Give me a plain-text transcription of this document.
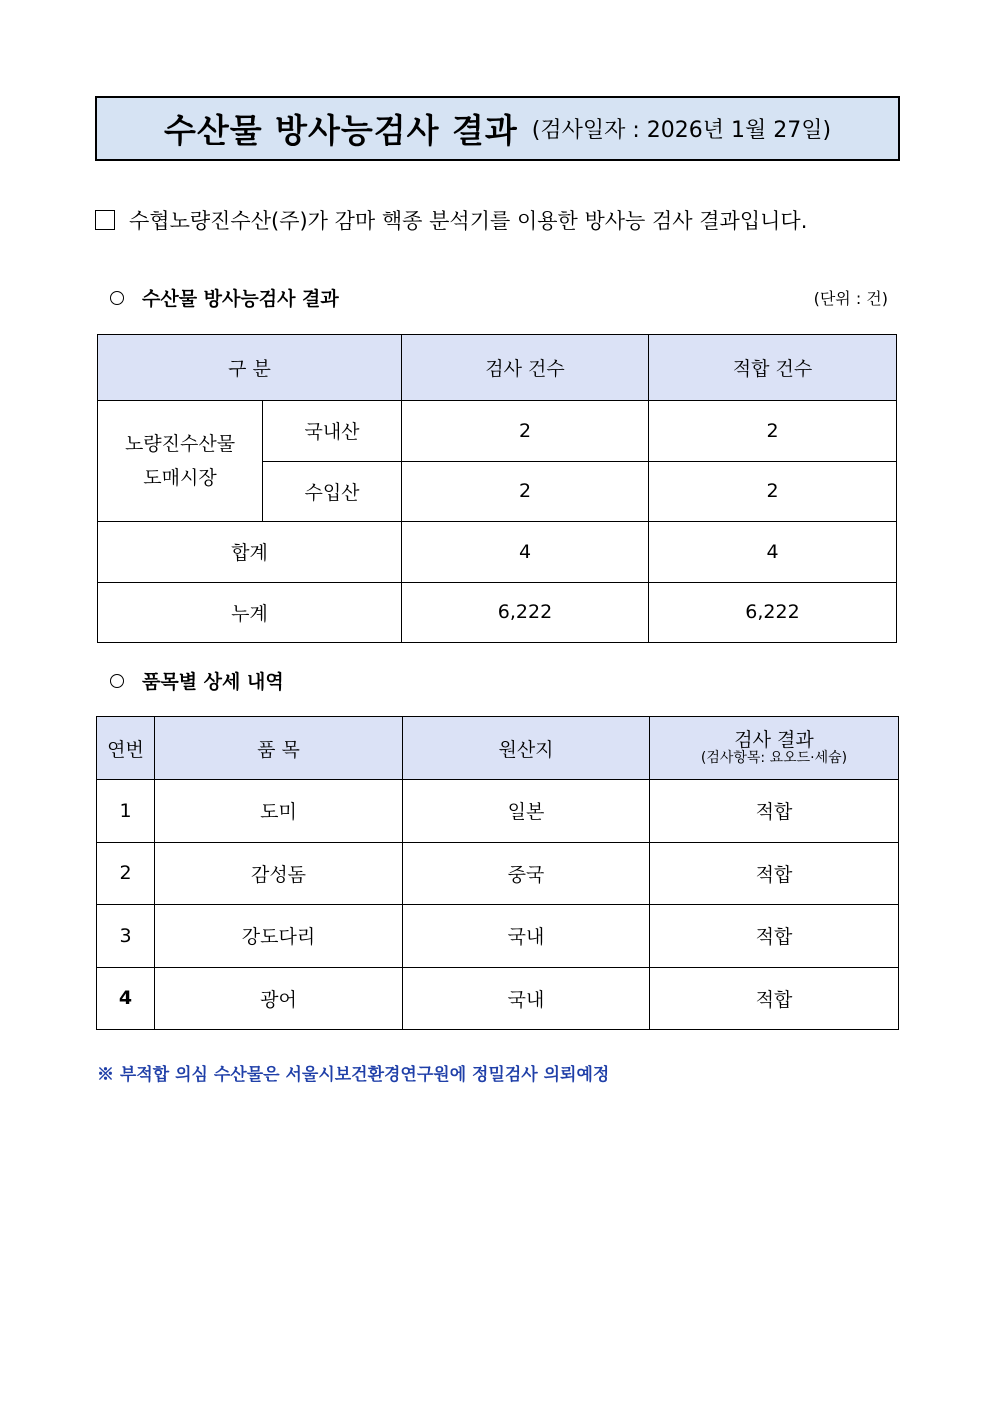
수산물 방사능검사 결과 (검사일자 : 2026년 1월 27일)
수협노량진수산(주)가 감마 핵종 분석기를 이용한 방사능 검사 결과입니다.
수산물 방사능검사 결과	(단위 : 건)
구 분		검사 건수	적합 건수

노량진수산물
도매시장	국내산	2	2
	수입산	2	2
합계		4	4
누계		6,222	6,222
품목별 상세 내역
연번	품 목	원산지	검사 결과
(검사항목: 요오드·세슘)

1	도미	일본	적합
2	감성돔	중국	적합
3	강도다리	국내	적합
4	광어	국내	적합
※ 부적합 의심 수산물은 서울시보건환경연구원에 정밀검사 의뢰예정
